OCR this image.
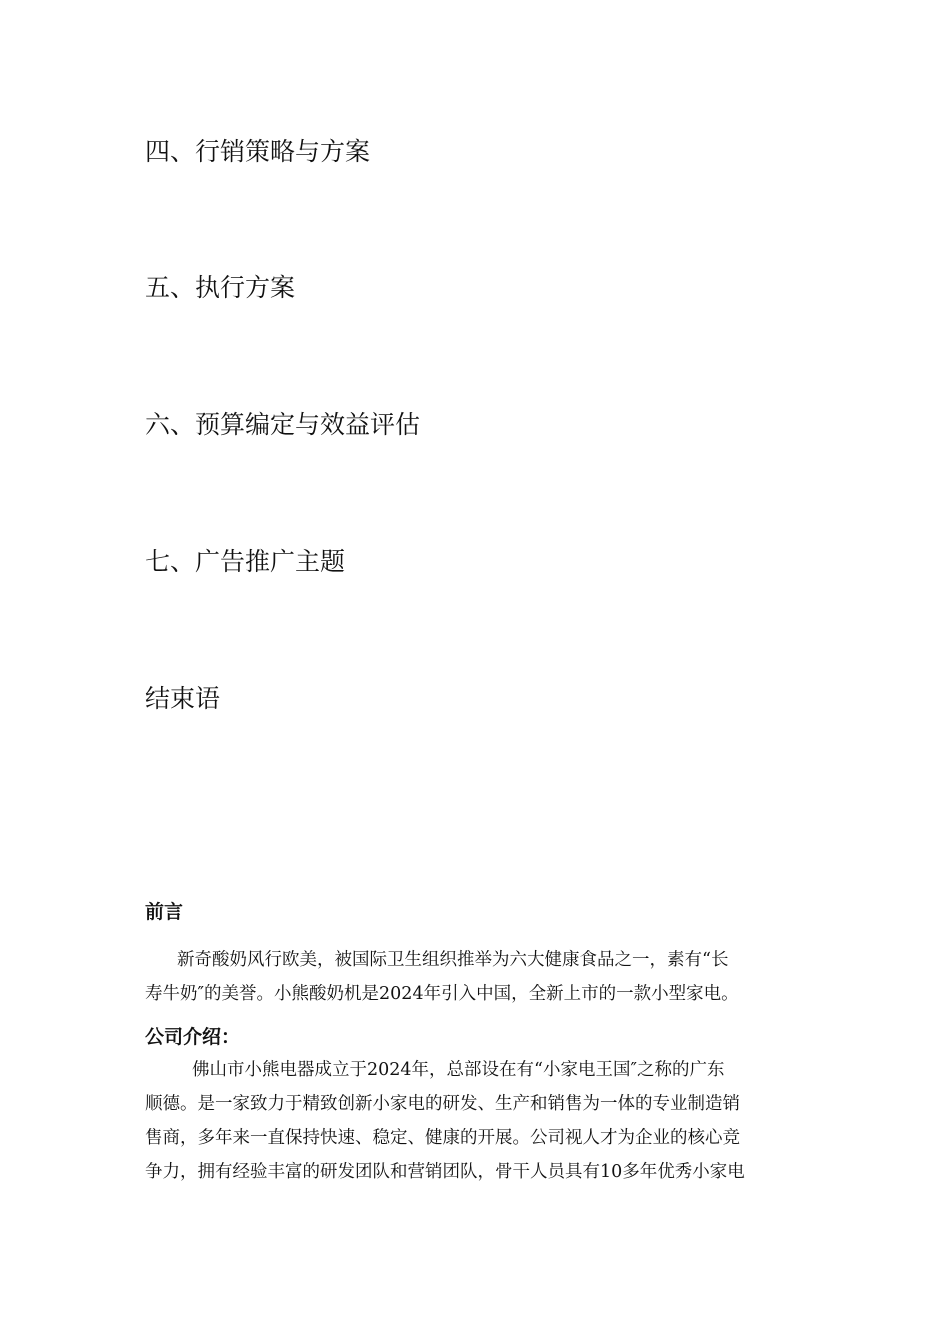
四、行销策略与方案
五、执行方案
六、预算编定与效益评估
七、广告推广主题
结束语
前言
新奇酸奶风行欧美，被国际卫生组织推举为六大健康食品之一，素有“长
寿牛奶″的美誉。小熊酸奶机是2024年引入中国，全新上市的一款小型家电。
公司介绍：
佛山市小熊电器成立于2024年，总部设在有“小家电王国″之称的广东
顺德。是一家致力于精致创新小家电的研发、生产和销售为一体的专业制造销
售商，多年来一直保持快速、稳定、健康的开展。公司视人才为企业的核心竞
争力，拥有经验丰富的研发团队和营销团队，骨干人员具有10多年优秀小家电
